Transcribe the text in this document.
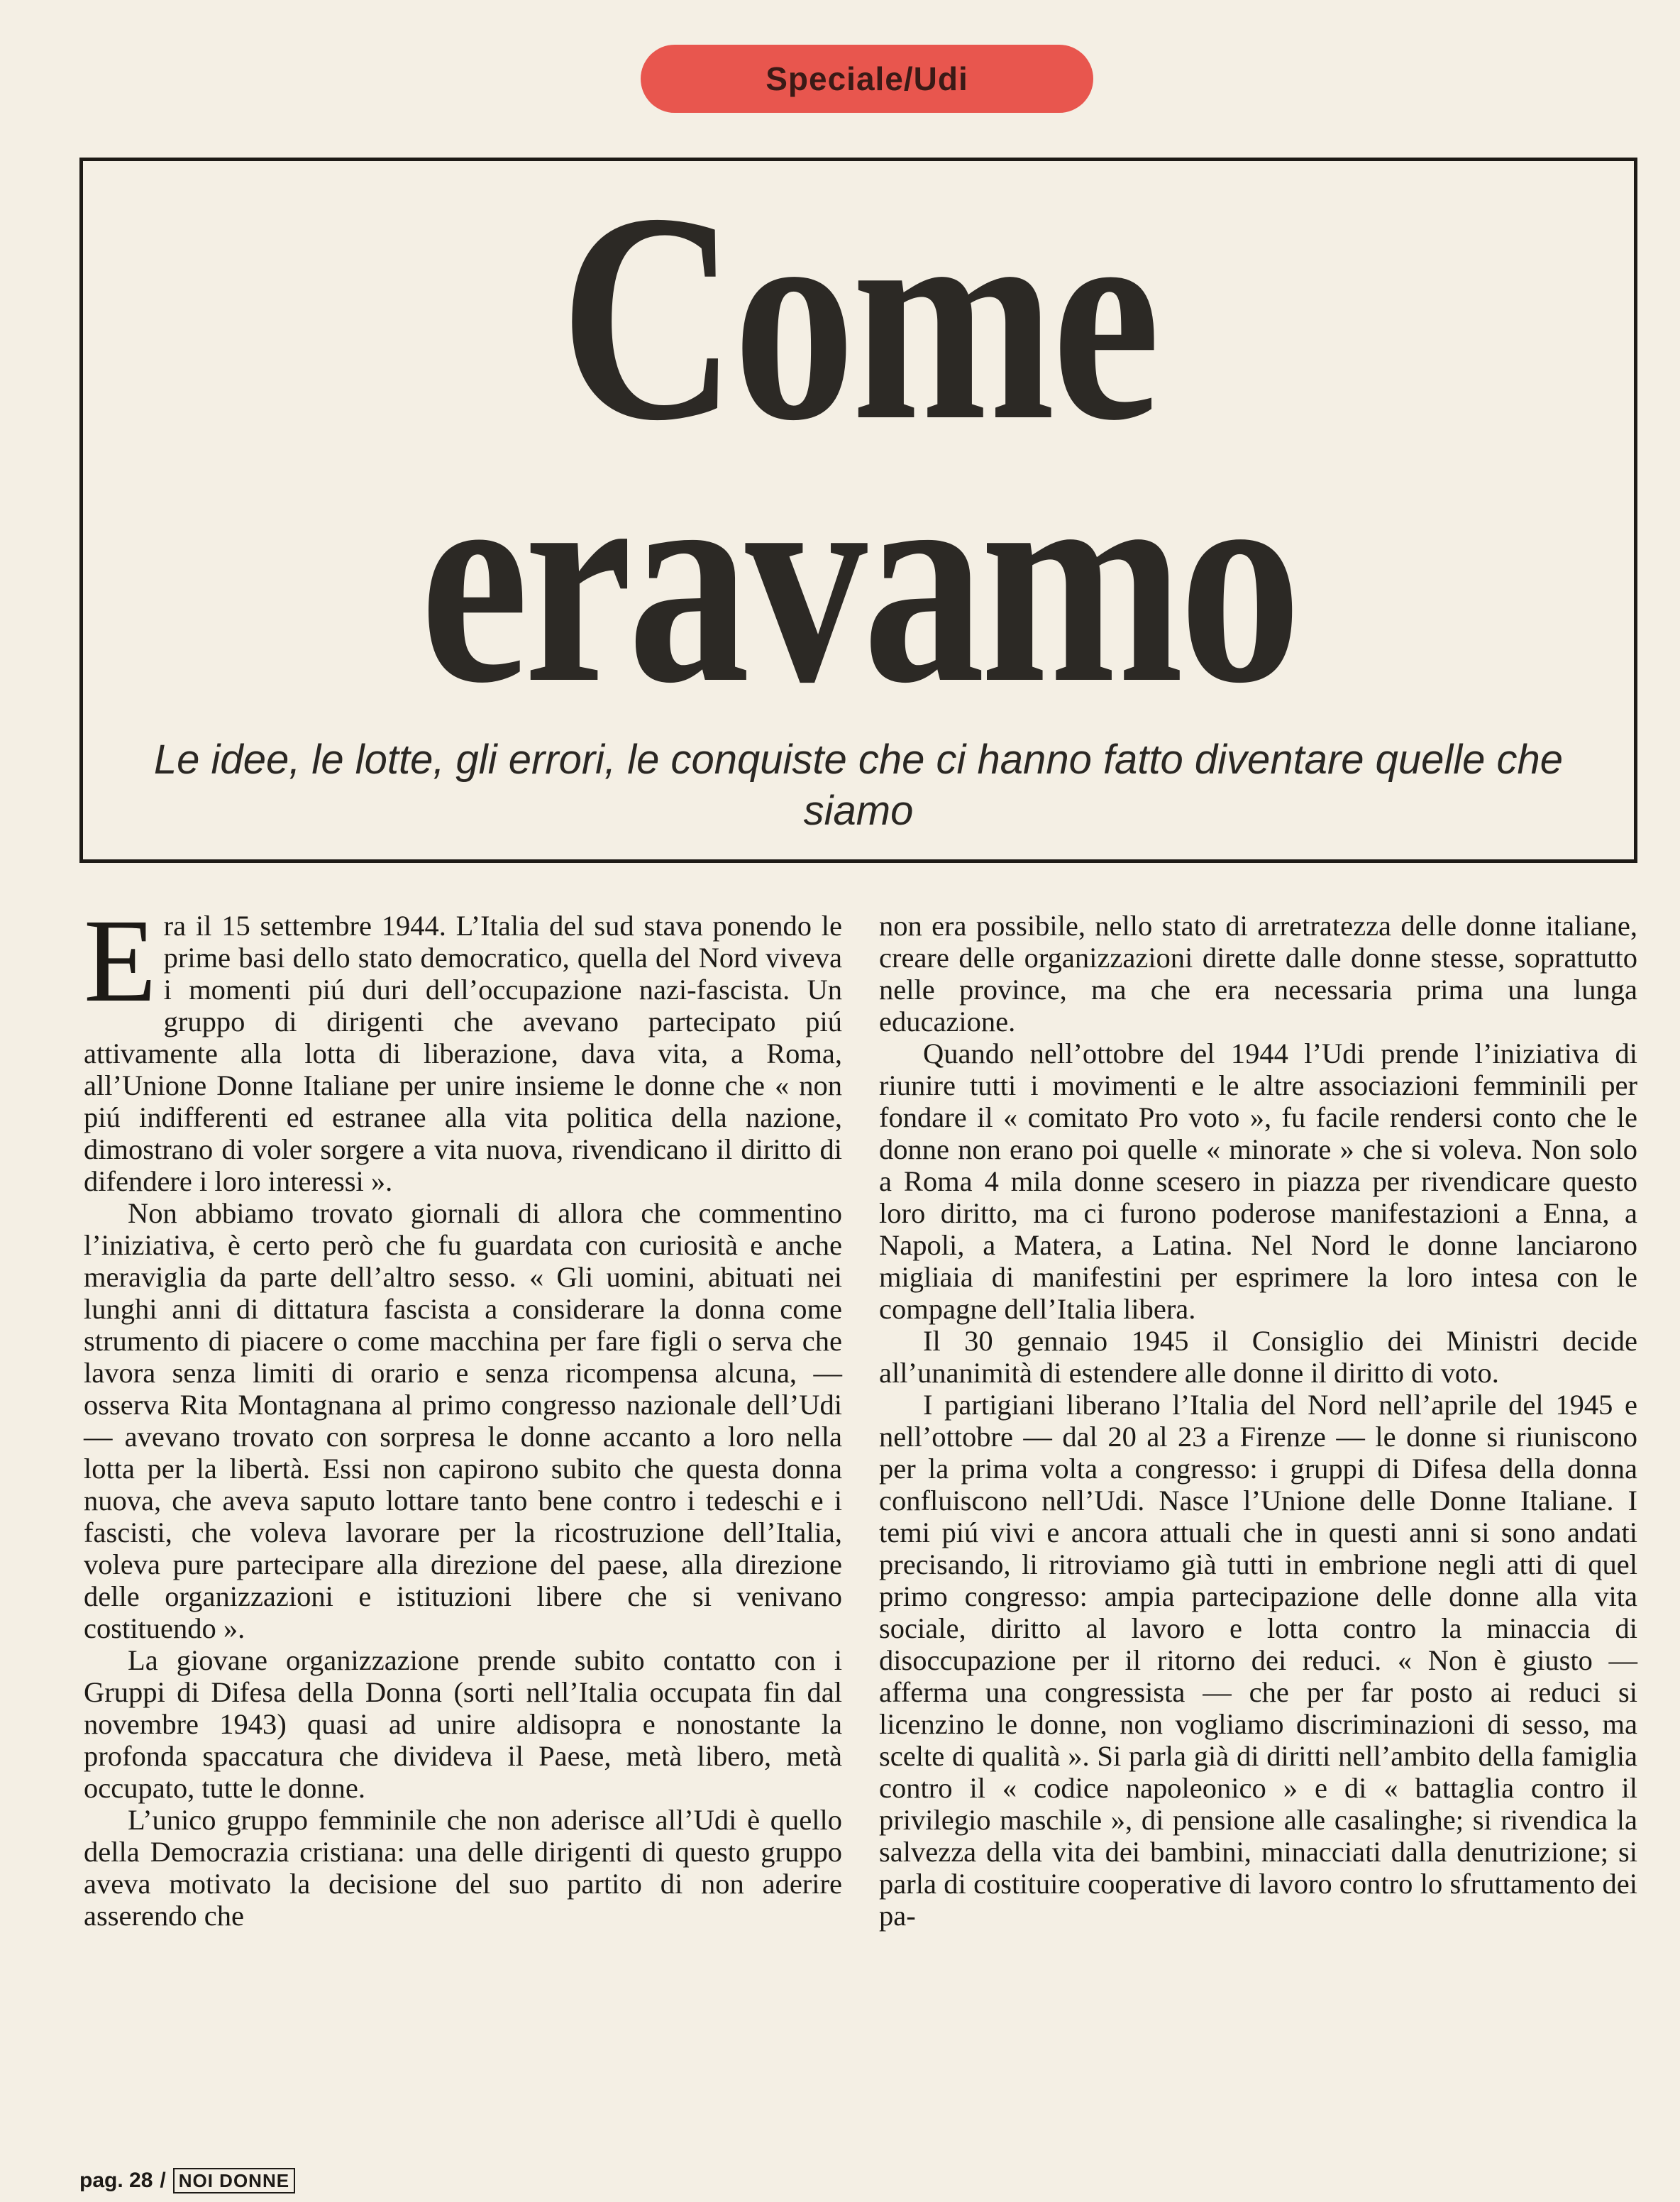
Speciale/Udi
Come
eravamo
Le idee, le lotte, gli errori, le conquiste che ci hanno fatto diventare quelle che siamo

Era il 15 settembre 1944. L’Italia del sud stava ponendo le prime basi dello stato democratico, quella del Nord viveva i momenti piú duri dell’occupazione nazi-fascista. Un gruppo di dirigenti che avevano partecipato piú attivamente alla lotta di liberazione, dava vita, a Roma, all’Unione Donne Italiane per unire insieme le donne che « non piú indifferenti ed estranee alla vita politica della nazione, dimostrano di voler sorgere a vita nuova, rivendicano il diritto di difendere i loro interessi ».

Non abbiamo trovato giornali di allora che commentino l’iniziativa, è certo però che fu guardata con curiosità e anche meraviglia da parte dell’altro sesso. « Gli uomini, abituati nei lunghi anni di dittatura fascista a considerare la donna come strumento di piacere o come macchina per fare figli o serva che lavora senza limiti di orario e senza ricompensa alcuna, — osserva Rita Montagnana al primo congresso nazionale dell’Udi — avevano trovato con sorpresa le donne accanto a loro nella lotta per la libertà. Essi non capirono subito che questa donna nuova, che aveva saputo lottare tanto bene contro i tedeschi e i fascisti, che voleva lavorare per la ricostruzione dell’Italia, voleva pure partecipare alla direzione del paese, alla direzione delle organizzazioni e istituzioni libere che si venivano costituendo ».

La giovane organizzazione prende subito contatto con i Gruppi di Difesa della Donna (sorti nell’Italia occupata fin dal novembre 1943) quasi ad unire aldisopra e nonostante la profonda spaccatura che divideva il Paese, metà libero, metà occupato, tutte le donne.

L’unico gruppo femminile che non aderisce all’Udi è quello della Democrazia cristiana: una delle dirigenti di questo gruppo aveva motivato la decisione del suo partito di non aderire asserendo che

non era possibile, nello stato di arretratezza delle donne italiane, creare delle organizzazioni dirette dalle donne stesse, soprattutto nelle province, ma che era necessaria prima una lunga educazione.

Quando nell’ottobre del 1944 l’Udi prende l’iniziativa di riunire tutti i movimenti e le altre associazioni femminili per fondare il « comitato Pro voto », fu facile rendersi conto che le donne non erano poi quelle « minorate » che si voleva. Non solo a Roma 4 mila donne scesero in piazza per rivendicare questo loro diritto, ma ci furono poderose manifestazioni a Enna, a Napoli, a Matera, a Latina. Nel Nord le donne lanciarono migliaia di manifestini per esprimere la loro intesa con le compagne dell’Italia libera.

Il 30 gennaio 1945 il Consiglio dei Ministri decide all’unanimità di estendere alle donne il diritto di voto.

I partigiani liberano l’Italia del Nord nell’aprile del 1945 e nell’ottobre — dal 20 al 23 a Firenze — le donne si riuniscono per la prima volta a congresso: i gruppi di Difesa della donna confluiscono nell’Udi. Nasce l’Unione delle Donne Italiane. I temi piú vivi e ancora attuali che in questi anni si sono andati precisando, li ritroviamo già tutti in embrione negli atti di quel primo congresso: ampia partecipazione delle donne alla vita sociale, diritto al lavoro e lotta contro la minaccia di disoccupazione per il ritorno dei reduci. « Non è giusto — afferma una congressista — che per far posto ai reduci si licenzino le donne, non vogliamo discriminazioni di sesso, ma scelte di qualità ». Si parla già di diritti nell’ambito della famiglia contro il « codice napoleonico » e di « battaglia contro il privilegio maschile », di pensione alle casalinghe; si rivendica la salvezza della vita dei bambini, minacciati dalla denutrizione; si parla di costituire cooperative di lavoro contro lo sfruttamento dei pa-

pag. 28 / NOI DONNE
